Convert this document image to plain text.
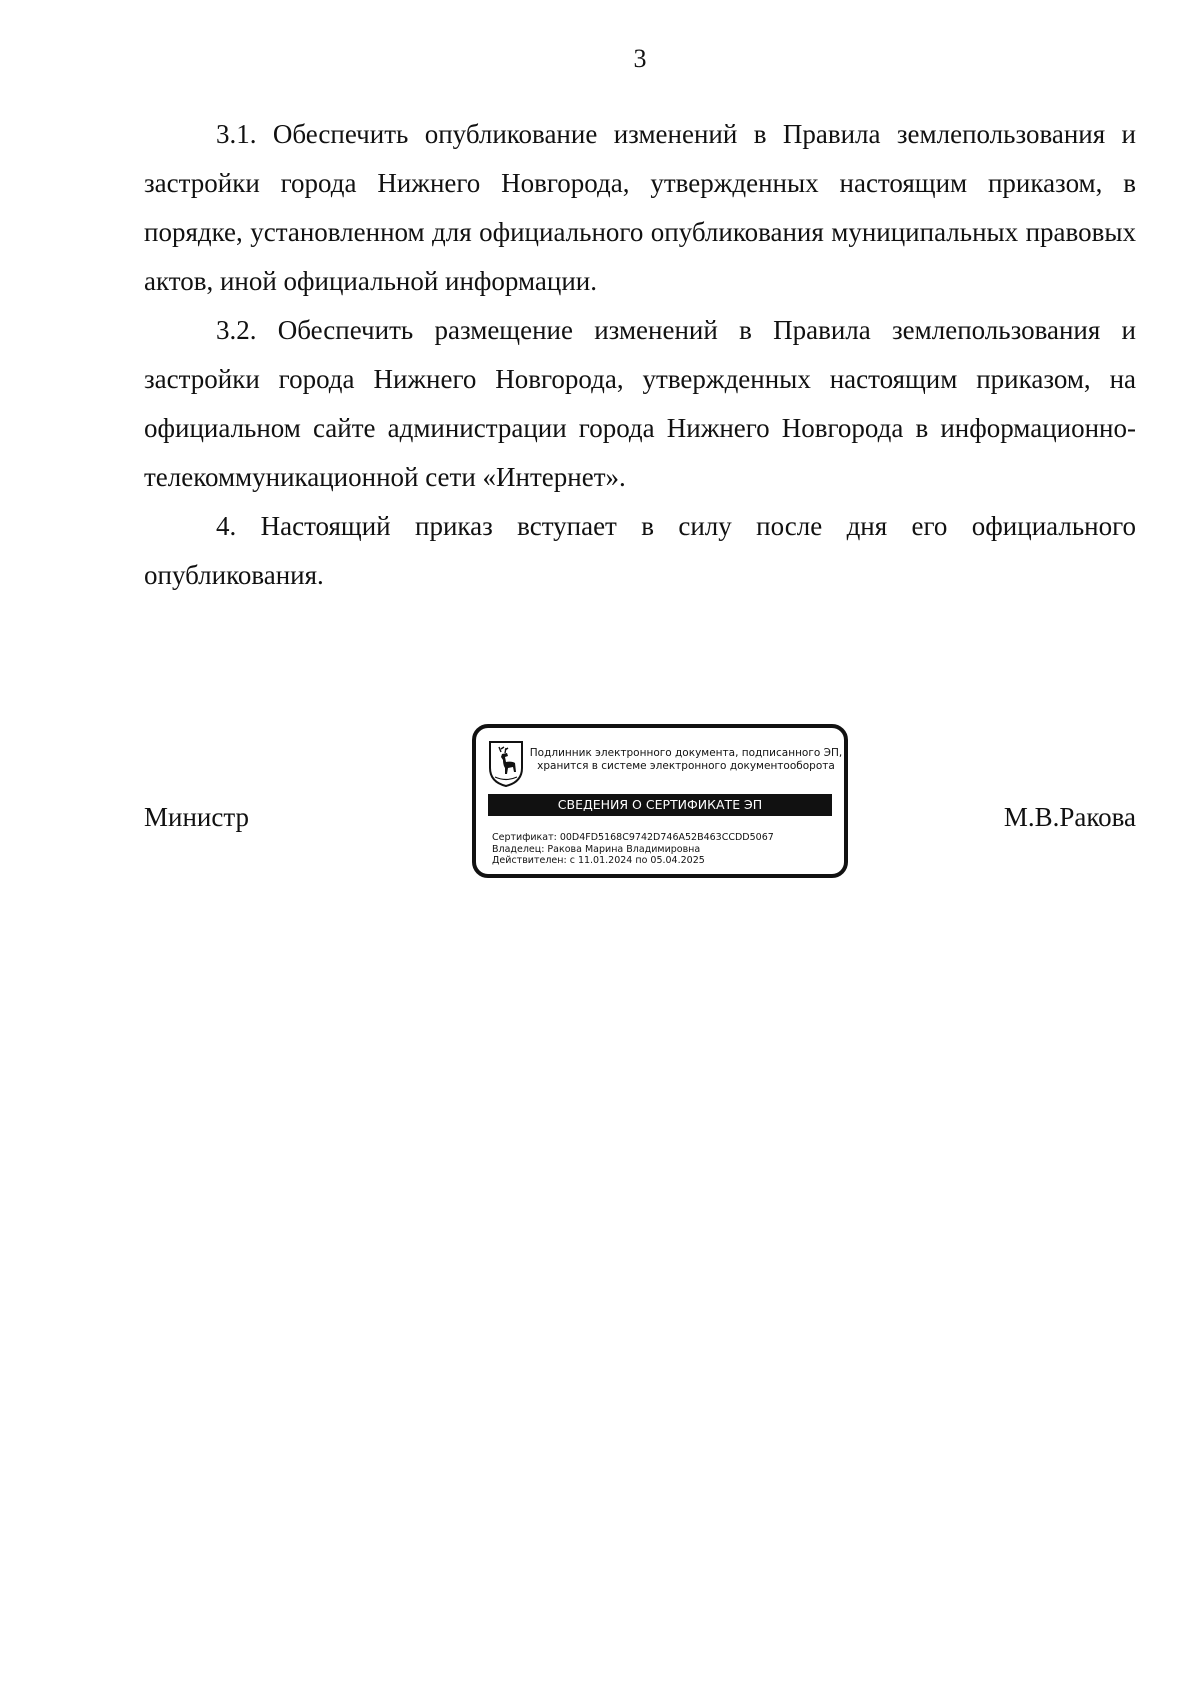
3

3.1. Обеспечить опубликование изменений в Правила землепользования и застройки города Нижнего Новгорода, утвержденных настоящим приказом, в порядке, установленном для официального опубликования муниципальных правовых актов, иной официальной информации.

3.2. Обеспечить размещение изменений в Правила землепользования и застройки города Нижнего Новгорода, утвержденных настоящим приказом, на официальном сайте администрации города Нижнего Новгорода в информационно-телекоммуникационной сети «Интернет».

4. Настоящий приказ вступает в силу после дня его официального опубликования.

Министр
Подлинник электронного документа, подписанного ЭП,
хранится в системе электронного документооборота
СВЕДЕНИЯ О СЕРТИФИКАТЕ ЭП
Сертификат: 00D4FD5168C9742D746A52B463CCDD5067
Владелец: Ракова Марина Владимировна
Действителен: с 11.01.2024 по 05.04.2025
М.В.Ракова
